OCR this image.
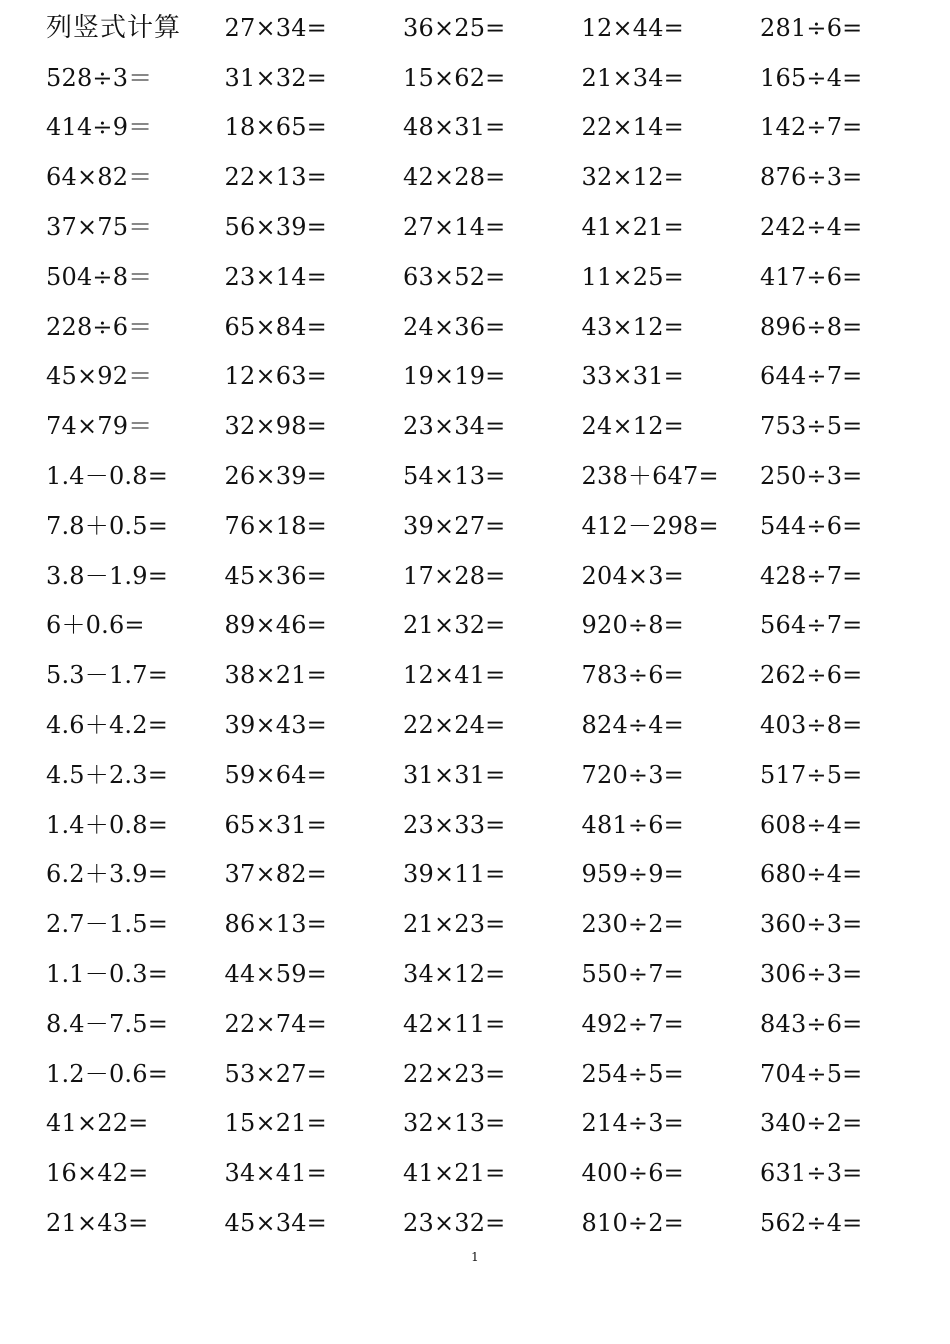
列竖式计算	27×34=	36×25=	12×44=	281÷6=
528÷3＝	31×32=	15×62=	21×34=	165÷4=
414÷9＝	18×65=	48×31=	22×14=	142÷7=
64×82＝	22×13=	42×28=	32×12=	876÷3=
37×75＝	56×39=	27×14=	41×21=	242÷4=
504÷8＝	23×14=	63×52=	11×25=	417÷6=
228÷6＝	65×84=	24×36=	43×12=	896÷8=
45×92＝	12×63=	19×19=	33×31=	644÷7=
74×79＝	32×98=	23×34=	24×12=	753÷5=
1.4－0.8=	26×39=	54×13=	238＋647=	250÷3=
7.8＋0.5=	76×18=	39×27=	412－298=	544÷6=
3.8－1.9=	45×36=	17×28=	204×3=	428÷7=
6＋0.6=	89×46=	21×32=	920÷8=	564÷7=
5.3－1.7=	38×21=	12×41=	783÷6=	262÷6=
4.6＋4.2=	39×43=	22×24=	824÷4=	403÷8=
4.5＋2.3=	59×64=	31×31=	720÷3=	517÷5=
1.4＋0.8=	65×31=	23×33=	481÷6=	608÷4=
6.2＋3.9=	37×82=	39×11=	959÷9=	680÷4=
2.7－1.5=	86×13=	21×23=	230÷2=	360÷3=
1.1－0.3=	44×59=	34×12=	550÷7=	306÷3=
8.4－7.5=	22×74=	42×11=	492÷7=	843÷6=
1.2－0.6=	53×27=	22×23=	254÷5=	704÷5=
41×22=	15×21=	32×13=	214÷3=	340÷2=
16×42=	34×41=	41×21=	400÷6=	631÷3=
21×43=	45×34=	23×32=	810÷2=	562÷4=
1
